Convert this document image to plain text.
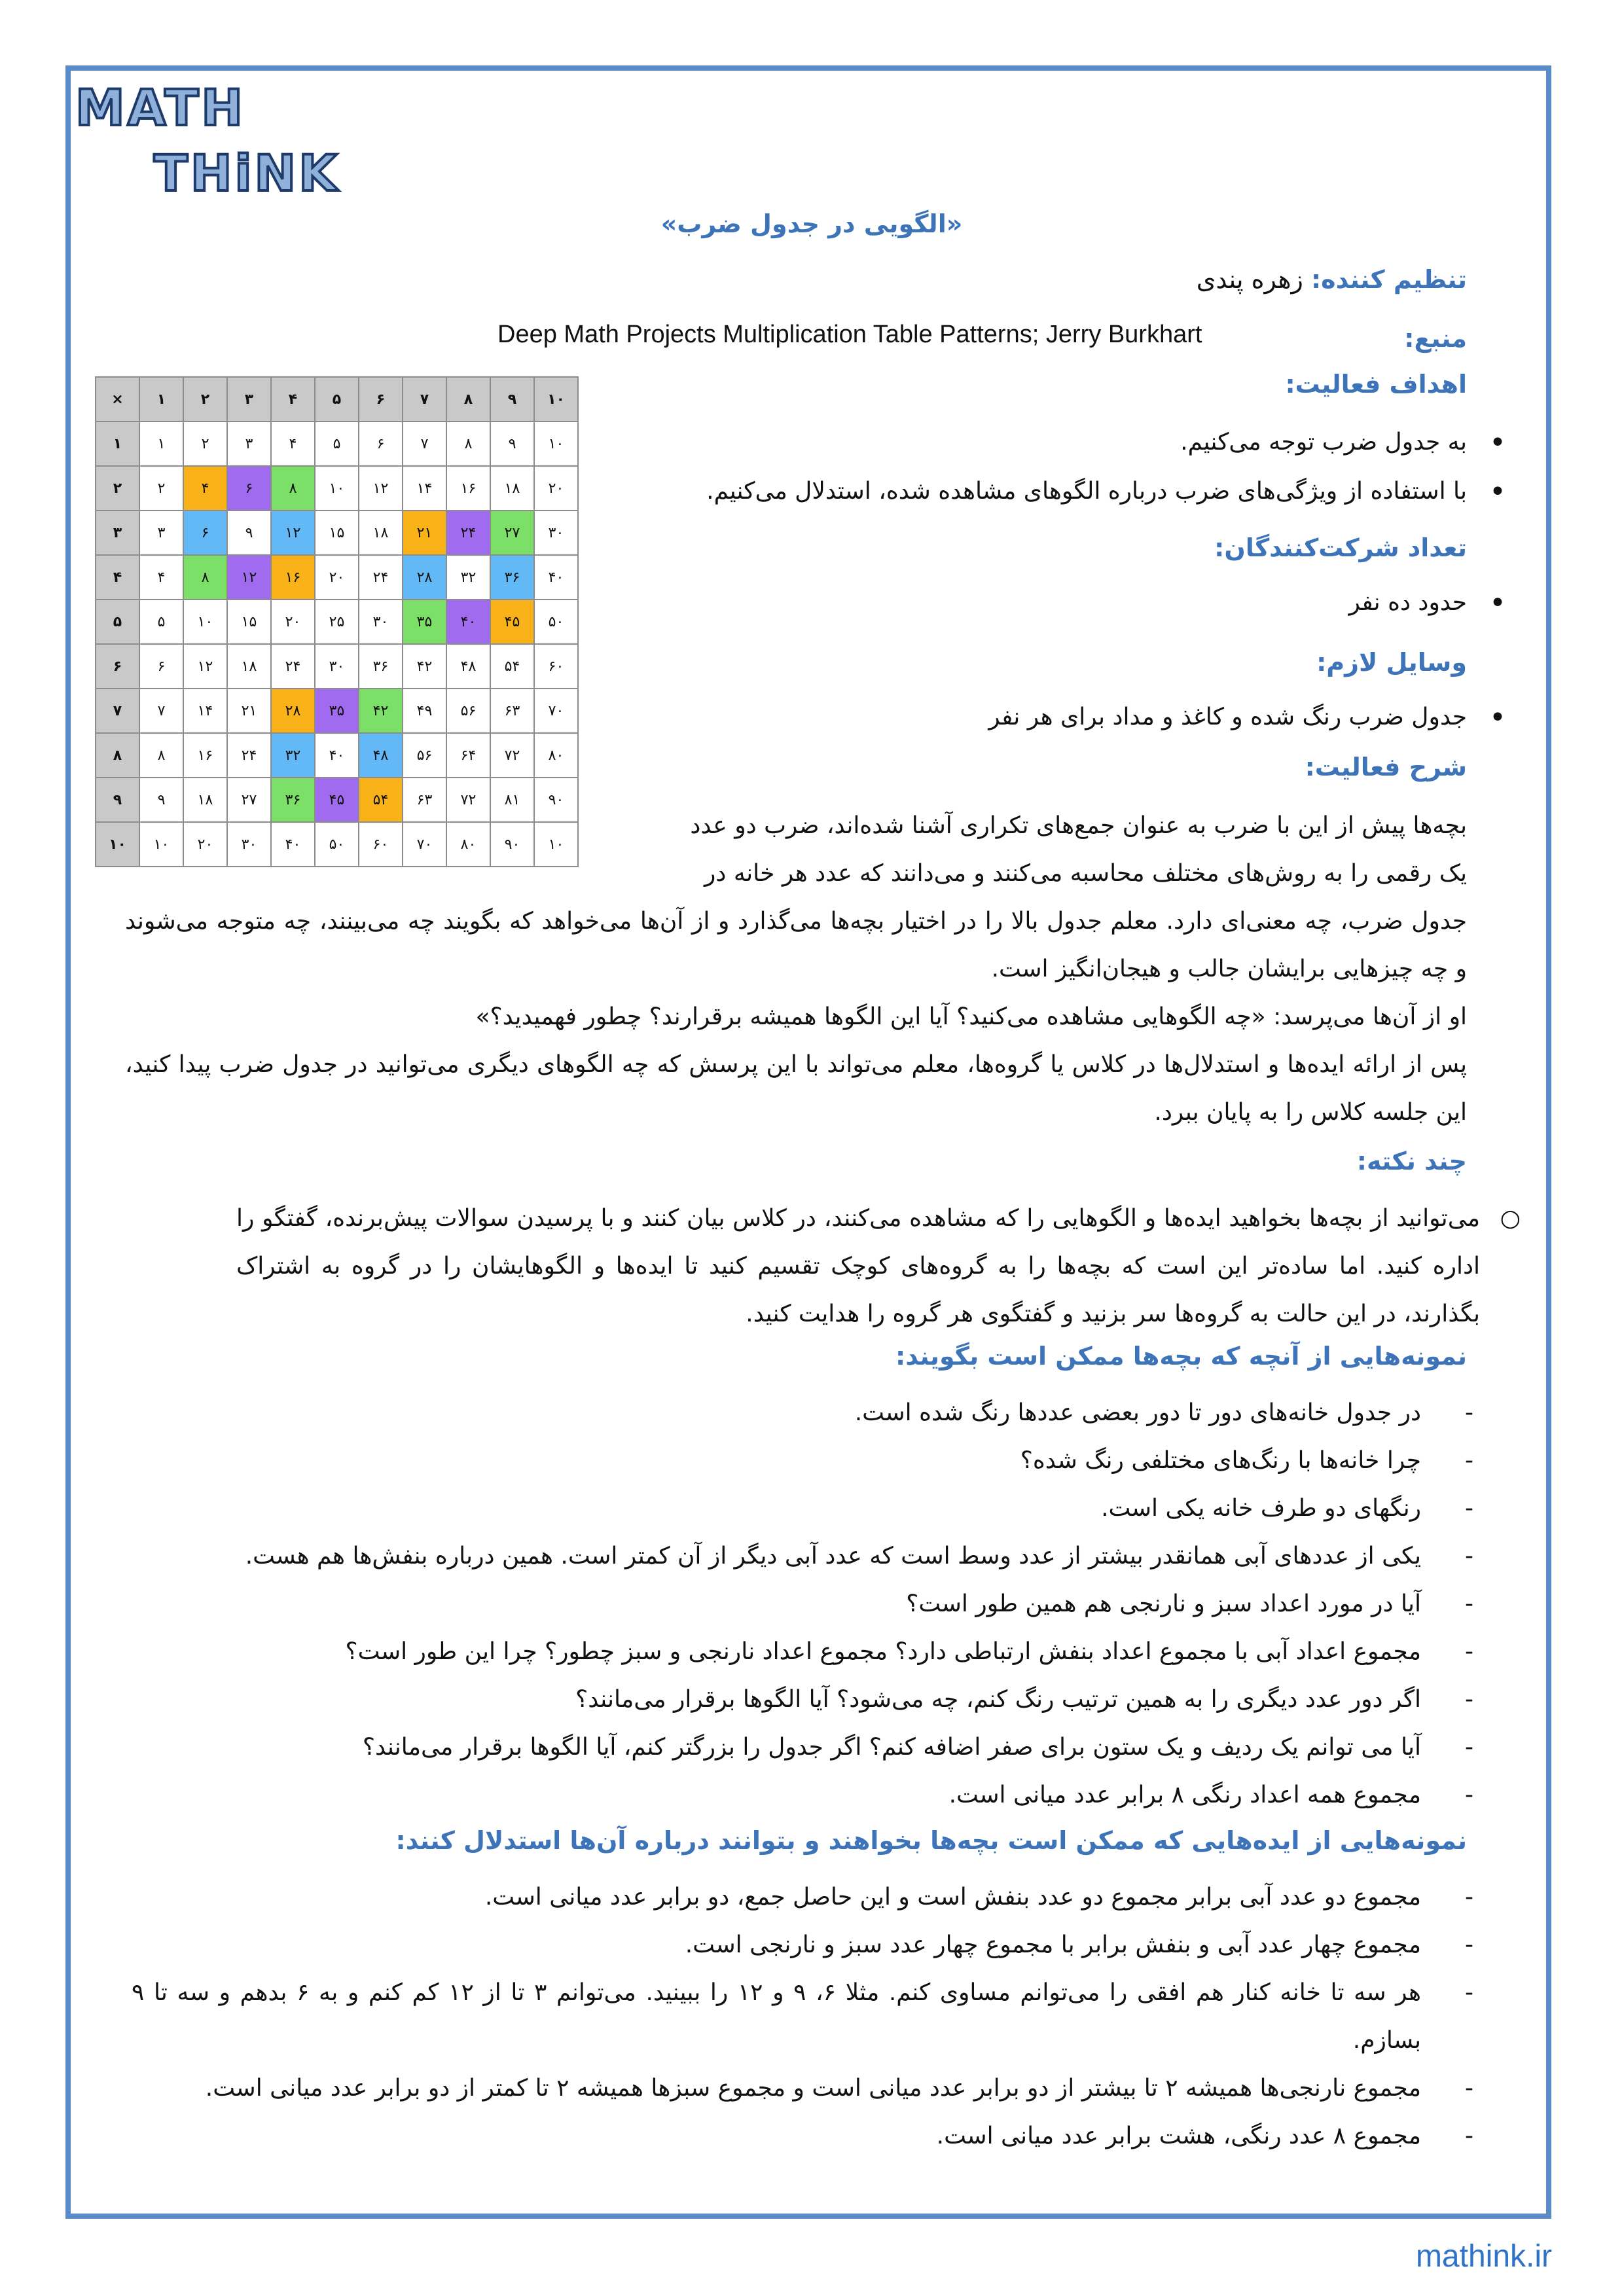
MATH
THiNK
«الگویی در جدول ضرب»
تنظیم کننده: زهره پندی
منبع:
Deep Math Projects Multiplication Table Patterns; Jerry Burkhart
اهداف فعالیت:
• به جدول ضرب توجه می‌کنیم.
• با استفاده از ویژگی‌های ضرب درباره الگوهای مشاهده شده، استدلال می‌کنیم.
تعداد شرکت‌کنندگان:
• حدود ده نفر
وسایل لازم:
• جدول ضرب رنگ شده و کاغذ و مداد برای هر نفر
شرح فعالیت:

بچه‌ها پیش از این با ضرب به عنوان جمع‌های تکراری آشنا شده‌اند، ضرب دو عدد

یک رقمی را به روش‌های مختلف محاسبه می‌کنند و می‌دانند که عدد هر خانه در

جدول ضرب، چه معنی‌ای دارد. معلم جدول بالا را در اختیار بچه‌ها می‌گذارد و از آن‌ها می‌خواهد که بگویند چه می‌بینند، چه متوجه می‌شوند و چه چیزهایی برایشان جالب و هیجان‌انگیز است.

او از آن‌ها می‌پرسد: «چه الگوهایی مشاهده می‌کنید؟ آیا این الگوها همیشه برقرارند؟ چطور فهمیدید؟»

پس از ارائه ایده‌ها و استدلال‌ها در کلاس یا گروه‌ها، معلم می‌تواند با این پرسش که چه الگوهای دیگری می‌توانید در جدول ضرب پیدا کنید، این جلسه کلاس را به پایان ببرد.

چند نکته:
○
می‌توانید از بچه‌ها بخواهید ایده‌ها و الگوهایی را که مشاهده می‌کنند، در کلاس بیان کنند و با پرسیدن سوالات پیش‌برنده، گفتگو را اداره کنید. اما ساده‌تر این است که بچه‌ها را به گروه‌های کوچک تقسیم کنید تا ایده‌ها و الگوهایشان را در گروه به اشتراک بگذارند، در این حالت به گروه‌ها سر بزنید و گفتگوی هر گروه را هدایت کنید.
نمونه‌هایی از آنچه که بچه‌ها ممکن است بگویند:
-
در جدول خانه‌های دور تا دور بعضی عددها رنگ شده است.
-
چرا خانه‌ها با رنگ‌های مختلفی رنگ شده؟
-
رنگهای دو طرف خانه یکی است.
-
یکی از عددهای آبی همانقدر بیشتر از عدد وسط است که عدد آبی دیگر از آن کمتر است. همین درباره بنفش‌ها هم هست.
-
آیا در مورد اعداد سبز و نارنجی هم همین طور است؟
-
مجموع اعداد آبی با مجموع اعداد بنفش ارتباطی دارد؟ مجموع اعداد نارنجی و سبز چطور؟ چرا این طور است؟
-
اگر دور عدد دیگری را به همین ترتیب رنگ کنم، چه می‌شود؟ آیا الگوها برقرار می‌مانند؟
-
آیا می توانم یک ردیف و یک ستون برای صفر اضافه کنم؟ اگر جدول را بزرگتر کنم، آیا الگوها برقرار می‌مانند؟
-
مجموع همه اعداد رنگی ۸ برابر عدد میانی است.
نمونه‌هایی از ایده‌هایی که ممکن است بچه‌ها بخواهند و بتوانند درباره آن‌ها استدلال کنند:
-
مجموع دو عدد آبی برابر مجموع دو عدد بنفش است و این حاصل جمع، دو برابر عدد میانی است.
-
مجموع چهار عدد آبی و بنفش برابر با مجموع چهار عدد سبز و نارنجی است.
-
هر سه تا خانه کنار هم افقی را می‌توانم مساوی کنم. مثلا ۶، ۹ و ۱۲ را ببینید. می‌توانم ۳ تا از ۱۲ کم کنم و به ۶ بدهم و سه تا ۹ بسازم.
-
مجموع نارنجی‌ها همیشه ۲ تا بیشتر از دو برابر عدد میانی است و مجموع سبزها همیشه ۲ تا کمتر از دو برابر عدد میانی است.
-
مجموع ۸ عدد رنگی، هشت برابر عدد میانی است.
×	۱	۲	۳	۴	۵	۶	۷	۸	۹	۱۰
۱	۱	۲	۳	۴	۵	۶	۷	۸	۹	۱۰
۲	۲	۴	۶	۸	۱۰	۱۲	۱۴	۱۶	۱۸	۲۰
۳	۳	۶	۹	۱۲	۱۵	۱۸	۲۱	۲۴	۲۷	۳۰
۴	۴	۸	۱۲	۱۶	۲۰	۲۴	۲۸	۳۲	۳۶	۴۰
۵	۵	۱۰	۱۵	۲۰	۲۵	۳۰	۳۵	۴۰	۴۵	۵۰
۶	۶	۱۲	۱۸	۲۴	۳۰	۳۶	۴۲	۴۸	۵۴	۶۰
۷	۷	۱۴	۲۱	۲۸	۳۵	۴۲	۴۹	۵۶	۶۳	۷۰
۸	۸	۱۶	۲۴	۳۲	۴۰	۴۸	۵۶	۶۴	۷۲	۸۰
۹	۹	۱۸	۲۷	۳۶	۴۵	۵۴	۶۳	۷۲	۸۱	۹۰
۱۰	۱۰	۲۰	۳۰	۴۰	۵۰	۶۰	۷۰	۸۰	۹۰	۱۰
mathink.ir
